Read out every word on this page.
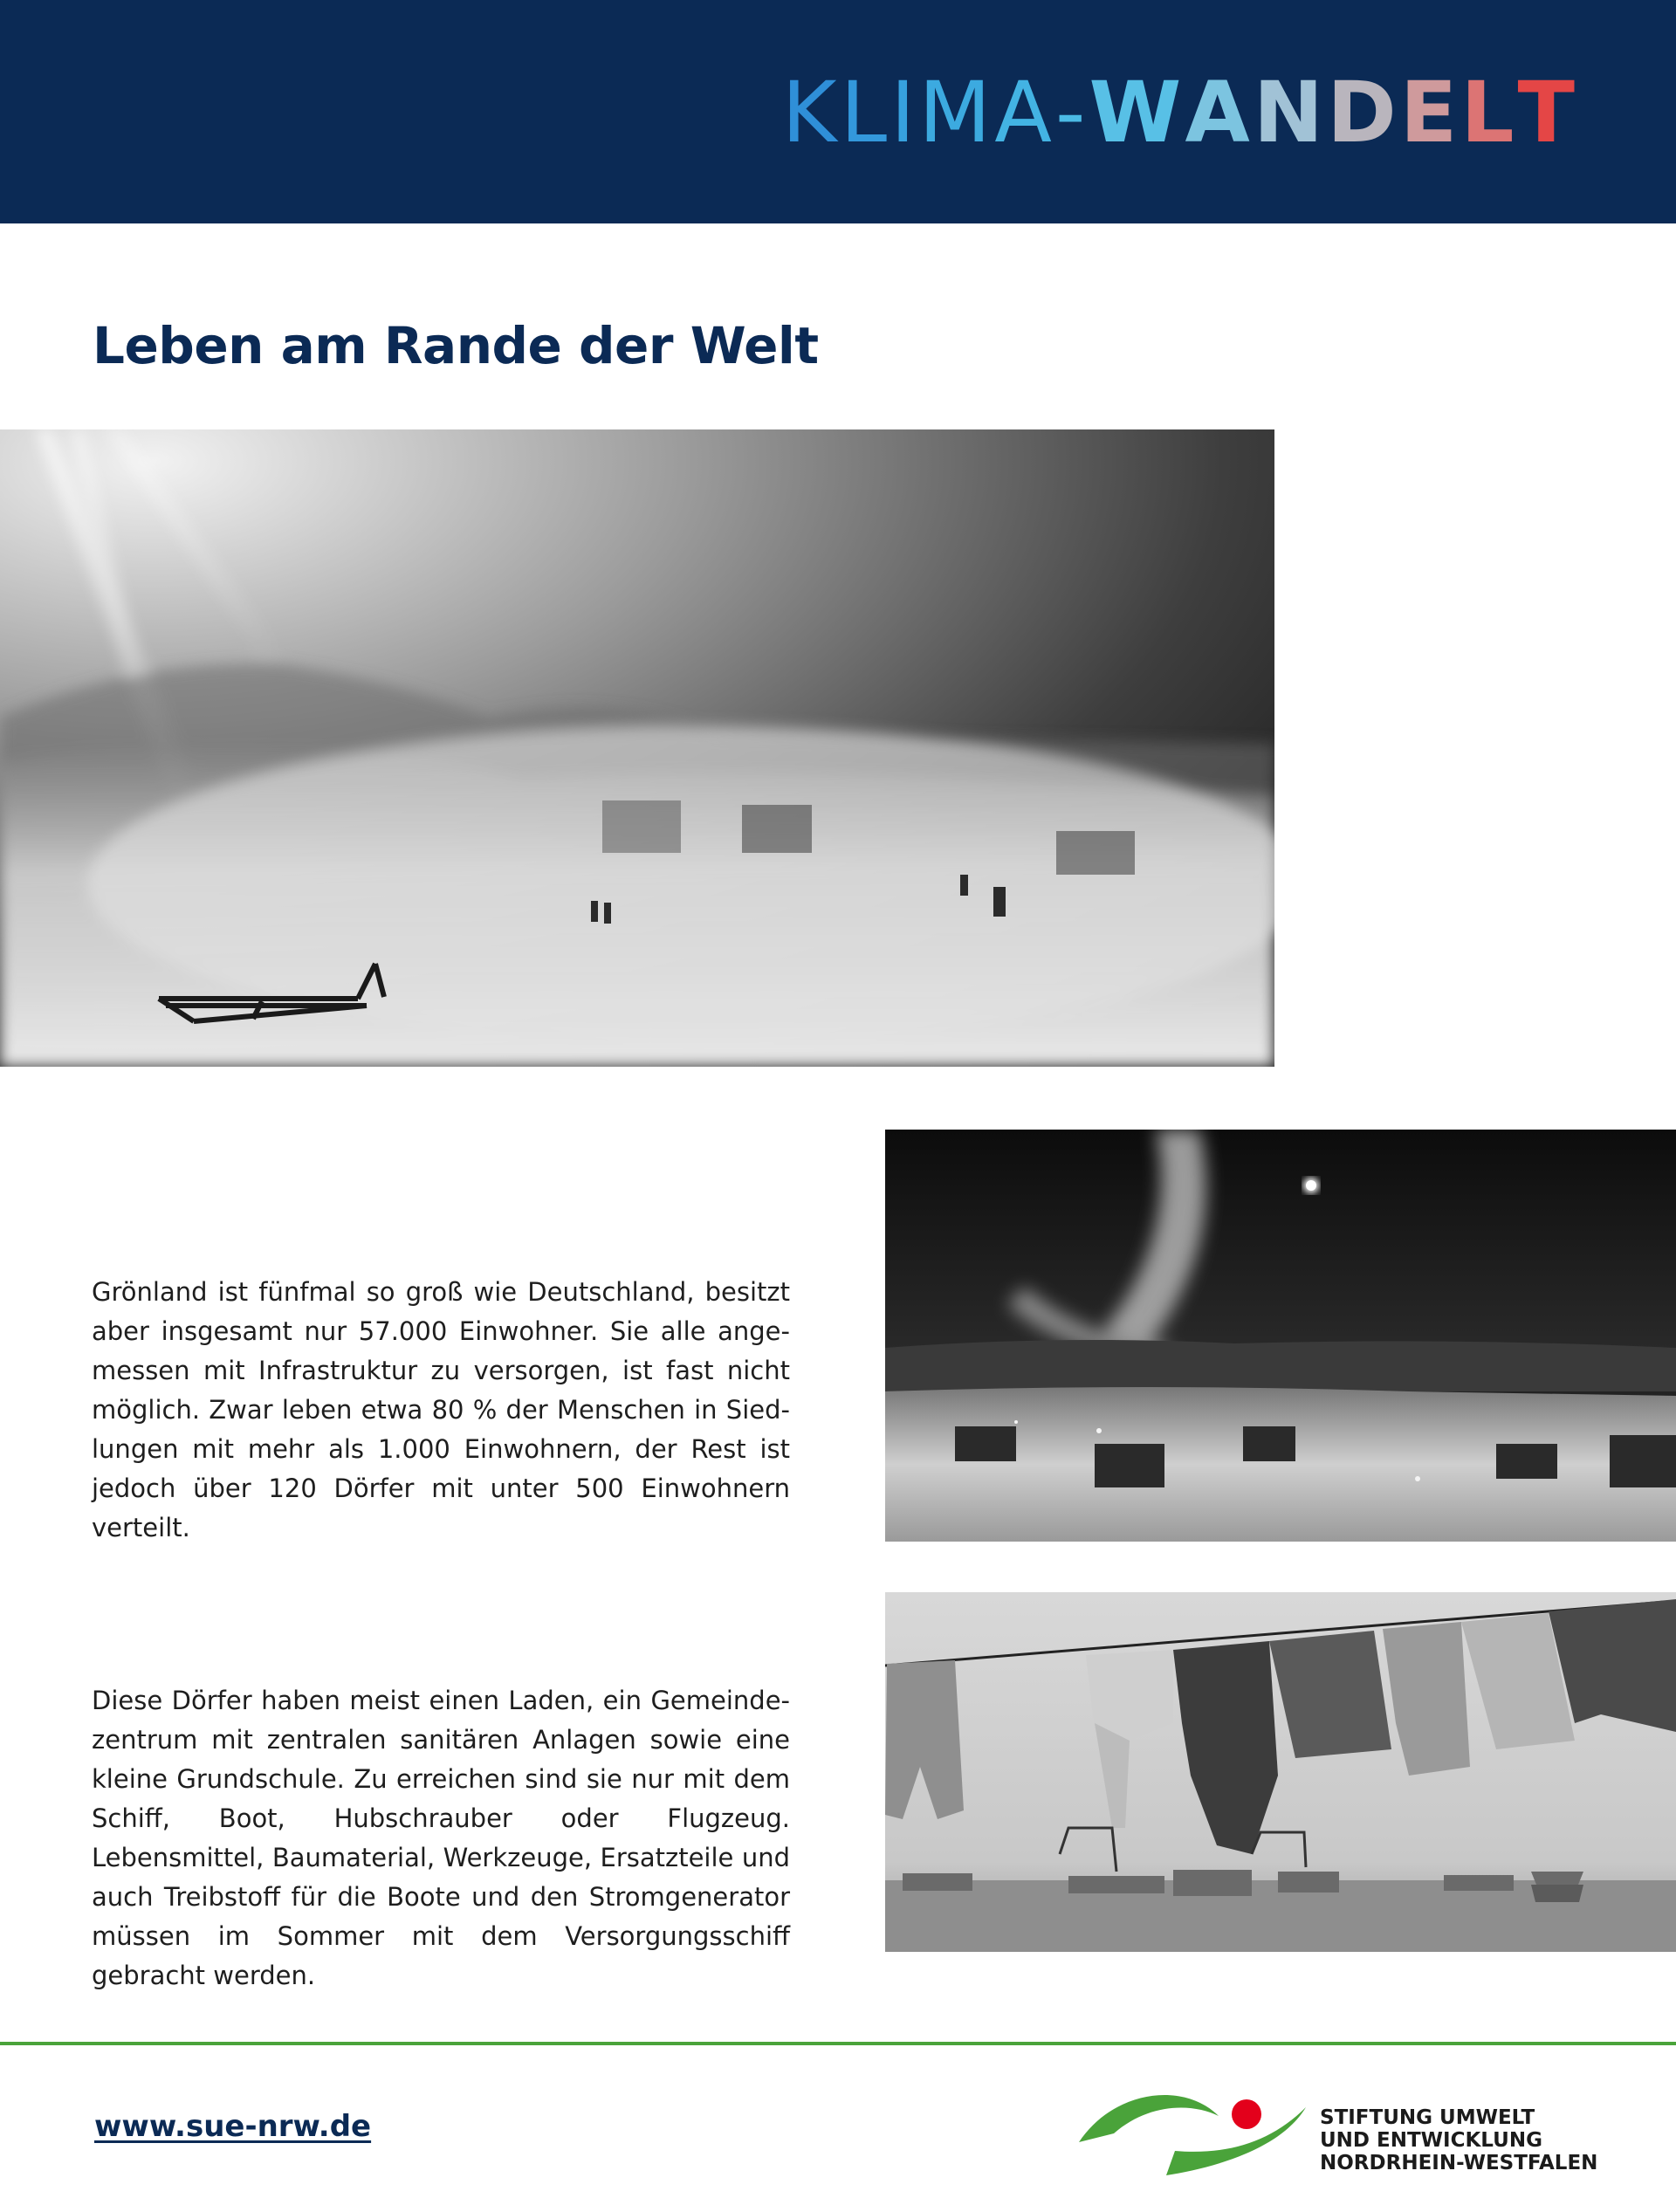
KLIMA-WANDELT
Leben am Rande der Welt

Grönland ist fünfmal so groß wie Deutschland, besitzt aber insgesamt nur 57.000 Einwohner. Sie alle angemessen mit Infrastruktur zu versorgen, ist fast nicht möglich. Zwar leben etwa 80 % der Menschen in Siedlungen mit mehr als 1.000 Einwohnern, der Rest ist jedoch über 120 Dörfer mit unter 500 Einwohnern verteilt.

Diese Dörfer haben meist einen Laden, ein Gemeindezentrum mit zentralen sanitären Anlagen sowie eine kleine Grundschule. Zu erreichen sind sie nur mit dem Schiff, Boot, Hubschrauber oder Flugzeug. Lebensmittel, Baumaterial, Werkzeuge, Ersatzteile und auch Treibstoff für die Boote und den Stromgenerator müssen im Sommer mit dem Versorgungsschiff gebracht werden.

www.sue-nrw.de	STIFTUNG UMWELT
UND ENTWICKLUNG
NORDRHEIN-WESTFALEN
